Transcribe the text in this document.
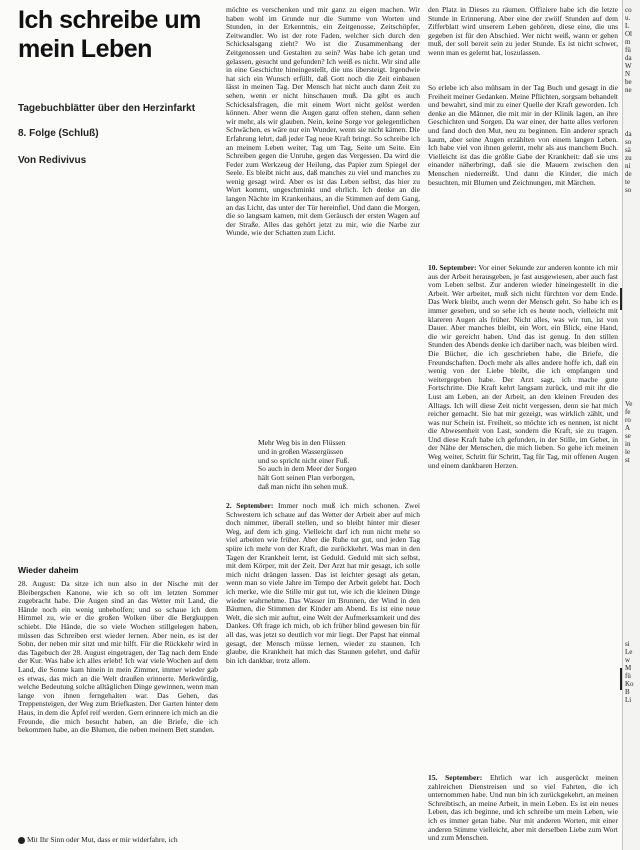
Ich schreibe um mein Leben
Tagebuchblätter über den Herzinfarkt
8. Folge (Schluß)
Von Redivivus
Wieder daheim
28. August: Da sitze ich nun also in der Nische mit der Bleibergschen Kanone, wie ich so oft im letzten Sommer zugebracht habe. Die Augen sind an das Wetter mit Land, die Hände noch ein wenig unbeholfen; und so schaue ich dem Himmel zu, wie er die großen Wolken über die Bergkuppen schiebt. Die Hände, die so viele Wochen stillgelegen haben, müssen das Schreiben erst wieder lernen. Aber nein, es ist der Sohn, der neben mir sitzt und mir hilft. Für die Rückkehr wird in das Tagebuch der 28. August eingetragen, der Tag nach dem Ende der Kur. Was habe ich alles erlebt! Ich war viele Wochen auf dem Land, die Sonne kam hinein in mein Zimmer, immer wieder gab es etwas, das mich an die Welt draußen erinnerte. Merkwürdig, welche Bedeutung solche alltäglichen Dinge gewinnen, wenn man lange von ihnen ferngehalten war. Das Gehen, das Treppensteigen, der Weg zum Briefkasten. Der Garten hinter dem Haus, in dem die Äpfel reif werden. Gern erinnere ich mich an die Freunde, die mich besucht haben, an die Briefe, die ich bekommen habe, an die Blumen, die neben meinem Bett standen.
Mit Ihr Sinn oder Mut, dass er mir widerfahre, ich
möchte es verschenken und mir ganz zu eigen machen. Wir haben wohl im Grunde nur die Summe von Worten und Stunden, in der Erkenntnis, ein Zeitgenosse, Zeitschöpfer, Zeitwandler. Wo ist der rote Faden, welcher sich durch den Schicksalsgang zieht? Wo ist die Zusammenhang der Zeitgenossen und Gestalten zu sein? Was habe ich getan und gelassen, gesucht und gefunden? Ich weiß es nicht. Wir sind alle in eine Geschichte hineingestellt, die uns übersteigt. Irgendwie hat sich ein Wunsch erfüllt, daß Gott noch die Zeit einbauen lässt in meinen Tag. Der Mensch hat nicht auch dann Zeit zu sehen, wenn er nicht hinschauen muß. Da gibt es auch Schicksalsfragen, die mit einem Wort nicht gelöst werden können. Aber wenn die Augen ganz offen stehen, dann sehen wir mehr, als wir glauben. Nein, keine Sorge vor gelegentlichen Schwächen, es wäre nur ein Wunder, wenn sie nicht kämen. Die Erfahrung lehrt, daß jeder Tag neue Kraft bringt. So schreibe ich an meinem Leben weiter, Tag um Tag, Seite um Seite. Ein Schreiben gegen die Unruhe, gegen das Vergessen. Da wird die Feder zum Werkzeug der Heilung, das Papier zum Spiegel der Seele. Es bleibt nicht aus, daß manches zu viel und manches zu wenig gesagt wird. Aber es ist das Leben selbst, das hier zu Wort kommt, ungeschminkt und ehrlich. Ich denke an die langen Nächte im Krankenhaus, an die Stimmen auf dem Gang, an das Licht, das unter der Tür hereinfiel. Und dann die Morgen, die so langsam kamen, mit dem Geräusch der ersten Wagen auf der Straße. Alles das gehört jetzt zu mir, wie die Narbe zur Wunde, wie der Schatten zum Licht.
Mehr Weg bis in den Flüssen
und in großen Wassergüssen
und so spricht nicht einer Fuß.
So auch in dem Meer der Sorgen
hält Gott seinen Plan verborgen,
daß man nicht ihn sehen muß.
2. September: Immer noch muß ich mich schonen. Zwei Schwestern ich schaue auf das Wetter der Arbeit aber auf mich doch nimmer, überall stellen, und so bleibt hinter mir dieser Weg, auf dem ich ging. Vielleicht darf ich nun nicht mehr so viel arbeiten wie früher. Aber die Ruhe tut gut, und jeden Tag spüre ich mehr von der Kraft, die zurückkehrt. Was man in den Tagen der Krankheit lernt, ist Geduld. Geduld mit sich selbst, mit dem Körper, mit der Zeit. Der Arzt hat mir gesagt, ich solle mich nicht drängen lassen. Das ist leichter gesagt als getan, wenn man so viele Jahre im Tempo der Arbeit gelebt hat. Doch ich merke, wie die Stille mir gut tut, wie ich die kleinen Dinge wieder wahrnehme. Das Wasser im Brunnen, der Wind in den Bäumen, die Stimmen der Kinder am Abend. Es ist eine neue Welt, die sich mir auftut, eine Welt der Aufmerksamkeit und des Dankes. Oft frage ich mich, ob ich früher blind gewesen bin für all das, was jetzt so deutlich vor mir liegt. Der Papst hat einmal gesagt, der Mensch müsse lernen, wieder zu staunen. Ich glaube, die Krankheit hat mich das Staunen gelehrt, und dafür bin ich dankbar, trotz allem.
den Platz in Dieses zu räumen. Offiziere habe ich die letzte Stunde in Erinnerung. Aber eine der zwölf Stunden auf dem Zifferblatt wird unserem Leben gehören, diese eine, die uns gegeben ist für den Abschied. Wer nicht weiß, wann er gehen muß, der soll bereit sein zu jeder Stunde. Es ist nicht schwer, wenn man es gelernt hat, loszulassen.
So erlebe ich also mühsam in der Tag Buch und gesagt in die Freiheit meiner Gedanken. Meine Pflichten, sorgsam behandelt und bewahrt, sind mir zu einer Quelle der Kraft geworden. Ich denke an die Männer, die mit mir in der Klinik lagen, an ihre Geschichten und Sorgen. Da war einer, der hatte alles verloren und fand doch den Mut, neu zu beginnen. Ein anderer sprach kaum, aber seine Augen erzählten von einem langen Leben. Ich habe viel von ihnen gelernt, mehr als aus manchem Buch. Vielleicht ist das die größte Gabe der Krankheit: daß sie uns einander näherbringt, daß sie die Mauern zwischen den Menschen niederreißt. Und dann die Kinder, die mich besuchten, mit Blumen und Zeichnungen, mit Märchen.
10. September: Vor einer Sekunde zur anderen konnte ich mir aus der Arbeit herausgeben, je fast ausgewiesen, aber auch fast vom Leben selbst. Zur anderen wieder hineingestellt in die Arbeit. Wer arbeitet, muß sich nicht fürchten vor dem Ende. Das Werk bleibt, auch wenn der Mensch geht. So habe ich es immer gesehen, und so sehe ich es heute noch, vielleicht mit klareren Augen als früher. Nicht alles, was wir tun, ist von Dauer. Aber manches bleibt, ein Wort, ein Blick, eine Hand, die wir gereicht haben. Und das ist genug. In den stillen Stunden des Abends denke ich darüber nach, was bleiben wird. Die Bücher, die ich geschrieben habe, die Briefe, die Freundschaften. Doch mehr als alles andere hoffe ich, daß ein wenig von der Liebe bleibt, die ich empfangen und weitergegeben habe. Der Arzt sagt, ich mache gute Fortschritte. Die Kraft kehrt langsam zurück, und mit ihr die Lust am Leben, an der Arbeit, an den kleinen Freuden des Alltags. Ich will diese Zeit nicht vergessen, denn sie hat mich reicher gemacht. Sie hat mir gezeigt, was wirklich zählt, und was nur Schein ist. Freiheit, so möchte ich es nennen, ist nicht die Abwesenheit von Last, sondern die Kraft, sie zu tragen. Und diese Kraft habe ich gefunden, in der Stille, im Gebet, in der Nähe der Menschen, die mich lieben. So gehe ich meinen Weg weiter, Schritt für Schritt, Tag für Tag, mit offenen Augen und einem dankbaren Herzen.
15. September: Ehrlich war ich ausgerückt meinen zahlreichen Dienstreisen und so viel Fahrten, die ich unternommen habe. Und nun bin ich zurückgekehrt, an meinen Schreibtisch, an meine Arbeit, in mein Leben. Es ist ein neues Leben, das ich beginne, und ich schreibe um mein Leben, wie ich es immer getan habe. Nur mit anderen Worten, mit einer anderen Stimme vielleicht, aber mit derselben Liebe zum Wort und zum Menschen.
co
u.
L
Ol
m
fü
da
W
N
be
ne
da
so
sä
zu
ni
de
te
so
Ve
fe
ro
A
se
in
le
st
si
Le
w
M
fü
Ko
B
Li
